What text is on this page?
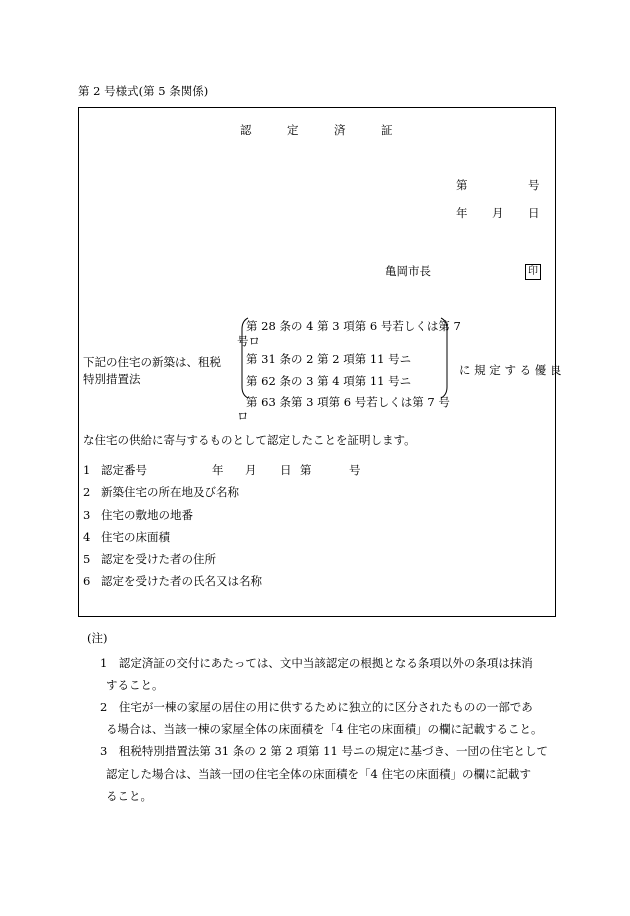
第 2 号様式(第 5 条関係)
認	定	済	証
第	号
年 月 日
亀岡市長	印
第 28 条の 4 第 3 項第 6 号若しくは第 7
号ロ
第 31 条の 2 第 2 項第 11 号ニ
第 62 条の 3 第 4 項第 11 号ニ
第 63 条第 3 項第 6 号若しくは第 7 号
ロ
下記の住宅の新築は、租税
特別措置法
に 規 定 す る 優 良
な住宅の供給に寄与するものとして認定したことを証明します。
1 認定番号	年 月 日 第	号
2 新築住宅の所在地及び名称
3 住宅の敷地の地番
4 住宅の床面積
5 認定を受けた者の住所
6 認定を受けた者の氏名又は名称
(注)
1　認定済証の交付にあたっては、文中当該認定の根拠となる条項以外の条項は抹消
すること。
2　住宅が一棟の家屋の居住の用に供するために独立的に区分されたものの一部であ
る場合は、当該一棟の家屋全体の床面積を「4 住宅の床面積」の欄に記載すること。
3　租税特別措置法第 31 条の 2 第 2 項第 11 号ニの規定に基づき、一団の住宅として
認定した場合は、当該一団の住宅全体の床面積を「4 住宅の床面積」の欄に記載す
ること。
